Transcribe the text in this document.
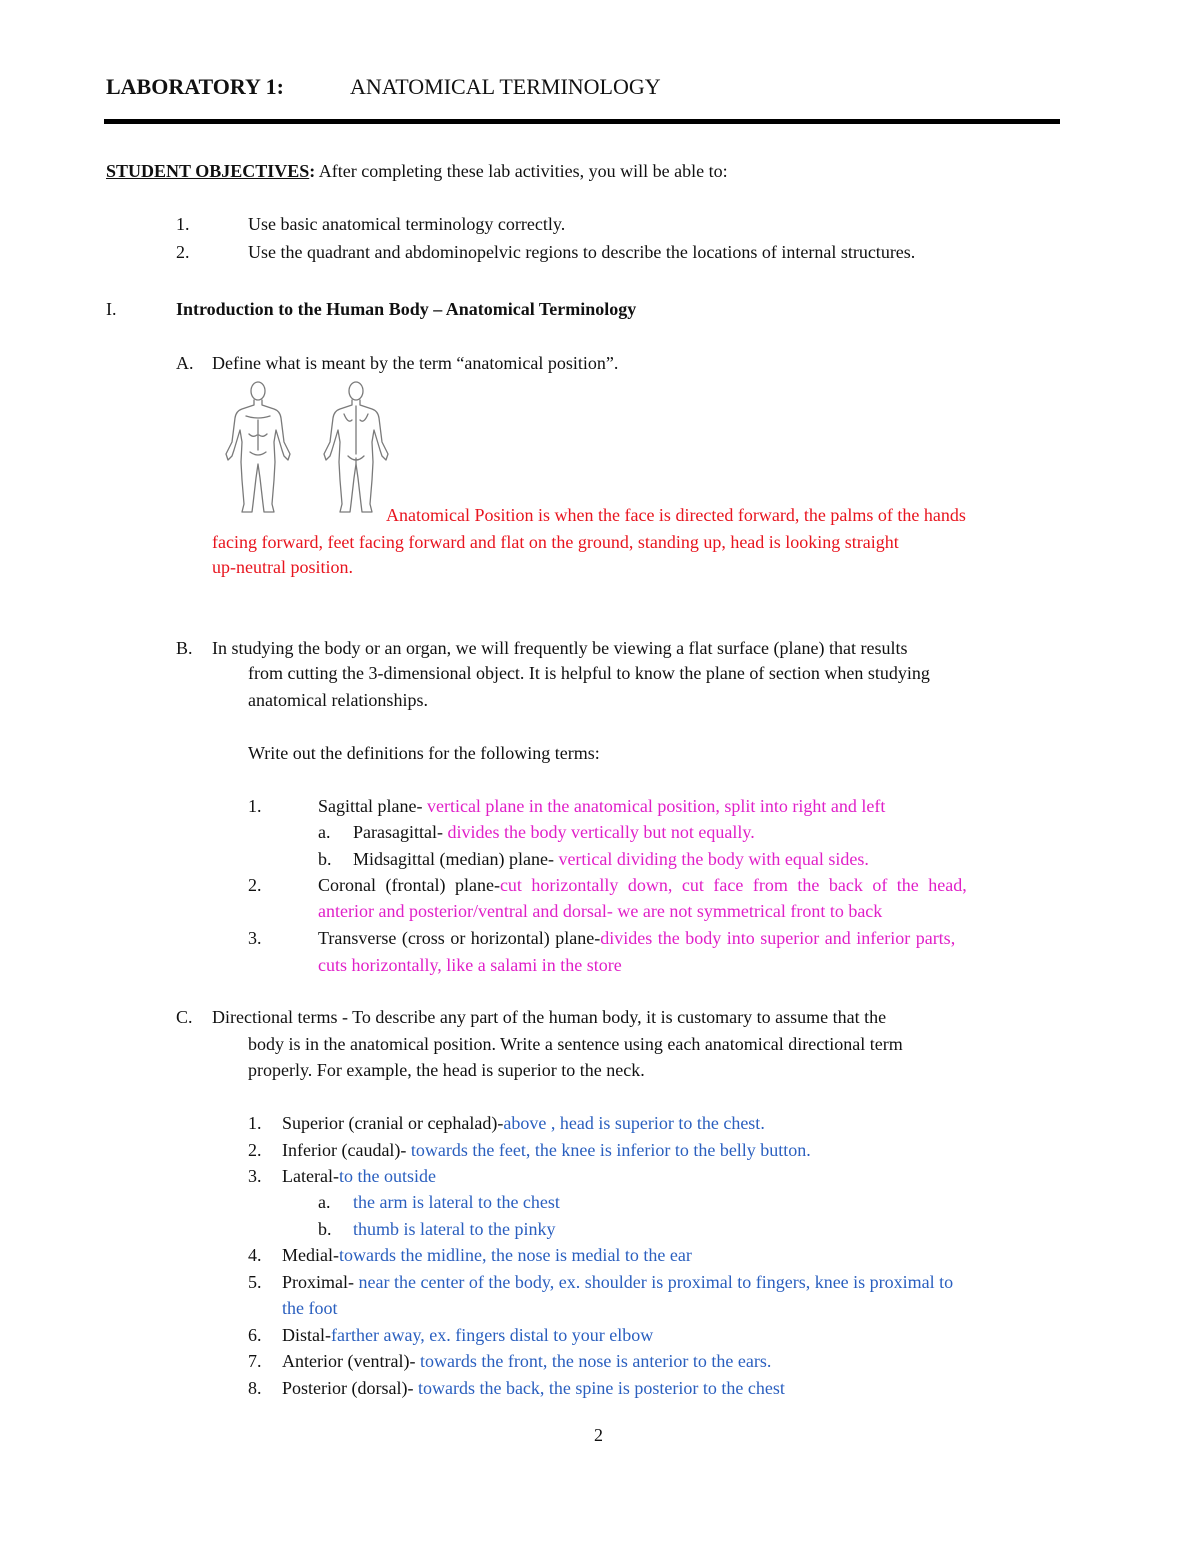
LABORATORY 1:	ANATOMICAL TERMINOLOGY
STUDENT OBJECTIVES: After completing these lab activities, you will be able to:
1.	Use basic anatomical terminology correctly.
2.	Use the quadrant and abdominopelvic regions to describe the locations of internal structures.
I.	Introduction to the Human Body – Anatomical Terminology
A. Define what is meant by the term “anatomical position”.
Anatomical Position is when the face is directed forward, the palms of the hands
facing forward, feet facing forward and flat on the ground, standing up, head is looking straight
up-neutral position.
B. In studying the body or an organ, we will frequently be viewing a flat surface (plane) that results
from cutting the 3-dimensional object. It is helpful to know the plane of section when studying
anatomical relationships.
Write out the definitions for the following terms:
1.	Sagittal plane- vertical plane in the anatomical position, split into right and left
a. Parasagittal- divides the body vertically but not equally.
b. Midsagittal (median) plane- vertical dividing the body with equal sides.
2.	Coronal (frontal) plane-cut horizontally down, cut face from the back of the head,
anterior and posterior/ventral and dorsal- we are not symmetrical front to back
3.	Transverse (cross or horizontal) plane-divides the body into superior and inferior parts,
cuts horizontally, like a salami in the store
C. Directional terms - To describe any part of the human body, it is customary to assume that the
body is in the anatomical position. Write a sentence using each anatomical directional term
properly. For example, the head is superior to the neck.
1. Superior (cranial or cephalad)-above , head is superior to the chest.
2. Inferior (caudal)- towards the feet, the knee is inferior to the belly button.
3. Lateral-to the outside
a. the arm is lateral to the chest
b. thumb is lateral to the pinky
4. Medial-towards the midline, the nose is medial to the ear
5. Proximal- near the center of the body, ex. shoulder is proximal to fingers, knee is proximal to
the foot
6. Distal-farther away, ex. fingers distal to your elbow
7. Anterior (ventral)- towards the front, the nose is anterior to the ears.
8. Posterior (dorsal)- towards the back, the spine is posterior to the chest
2
